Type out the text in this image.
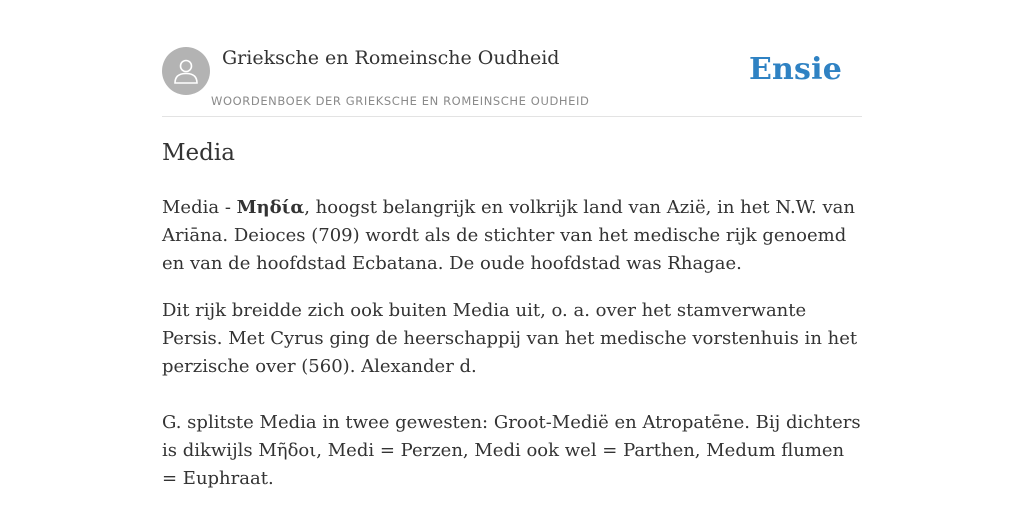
Grieksche en Romeinsche Oudheid
WOORDENBOEK DER GRIEKSCHE EN ROMEINSCHE OUDHEID
Ensie
Media

Media - Μηδία, hoogst belangrijk en volkrijk land van Azië, in het N.W. van Ariāna. Deioces (709) wordt als de stichter van het medische rijk genoemd en van de hoofdstad Ecbatana. De oude hoofdstad was Rhagae.

Dit rijk breidde zich ook buiten Media uit, o. a. over het stamverwante Persis. Met Cyrus ging de heerschappij van het medische vorstenhuis in het perzische over (560). Alexander d.

G. splitste Media in twee gewesten: Groot-Medië en Atropatēne. Bij dichters is dikwijls Μῆδοι, Medi = Perzen, Medi ook wel = Parthen, Medum flumen = Euphraat.
